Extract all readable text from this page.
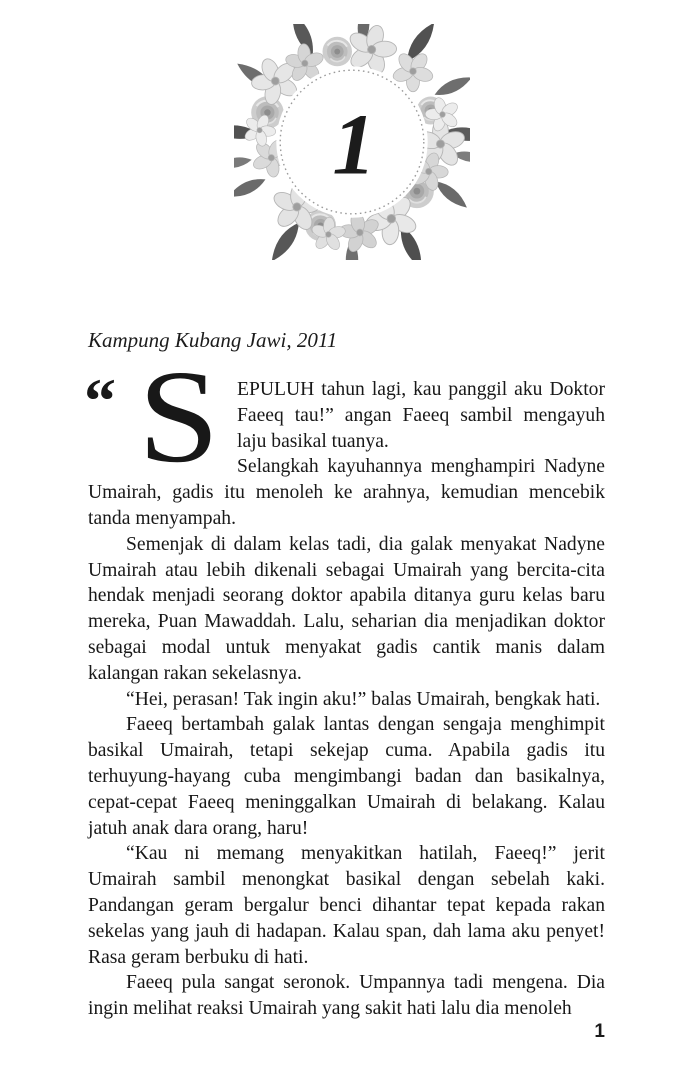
1
Kampung Kubang Jawi, 2011

“ S EPULUH tahun lagi, kau panggil aku Doktor Faeeq tau!” angan Faeeq sambil mengayuh laju basikal tuanya.

Selangkah kayuhannya menghampiri Nadyne Umairah, gadis itu menoleh ke arahnya, kemudian mencebik tanda menyampah.

Semenjak di dalam kelas tadi, dia galak menyakat Nadyne Umairah atau lebih dikenali sebagai Umairah yang bercita-cita hendak menjadi seorang doktor apabila ditanya guru kelas baru mereka, Puan Mawaddah. Lalu, seharian dia menjadikan doktor sebagai modal untuk menyakat gadis cantik manis dalam kalangan rakan sekelasnya.

“Hei, perasan! Tak ingin aku!” balas Umairah, bengkak hati.

Faeeq bertambah galak lantas dengan sengaja menghimpit basikal Umairah, tetapi sekejap cuma. Apabila gadis itu terhuyung-hayang cuba mengimbangi badan dan basikalnya, cepat-cepat Faeeq meninggalkan Umairah di belakang. Kalau jatuh anak dara orang, haru!

“Kau ni memang menyakitkan hatilah, Faeeq!” jerit Umairah sambil menongkat basikal dengan sebelah kaki. Pandangan geram bergalur benci dihantar tepat kepada rakan sekelas yang jauh di hadapan. Kalau span, dah lama aku penyet! Rasa geram berbuku di hati.

Faeeq pula sangat seronok. Umpannya tadi mengena. Dia ingin melihat reaksi Umairah yang sakit hati lalu dia menoleh

1
